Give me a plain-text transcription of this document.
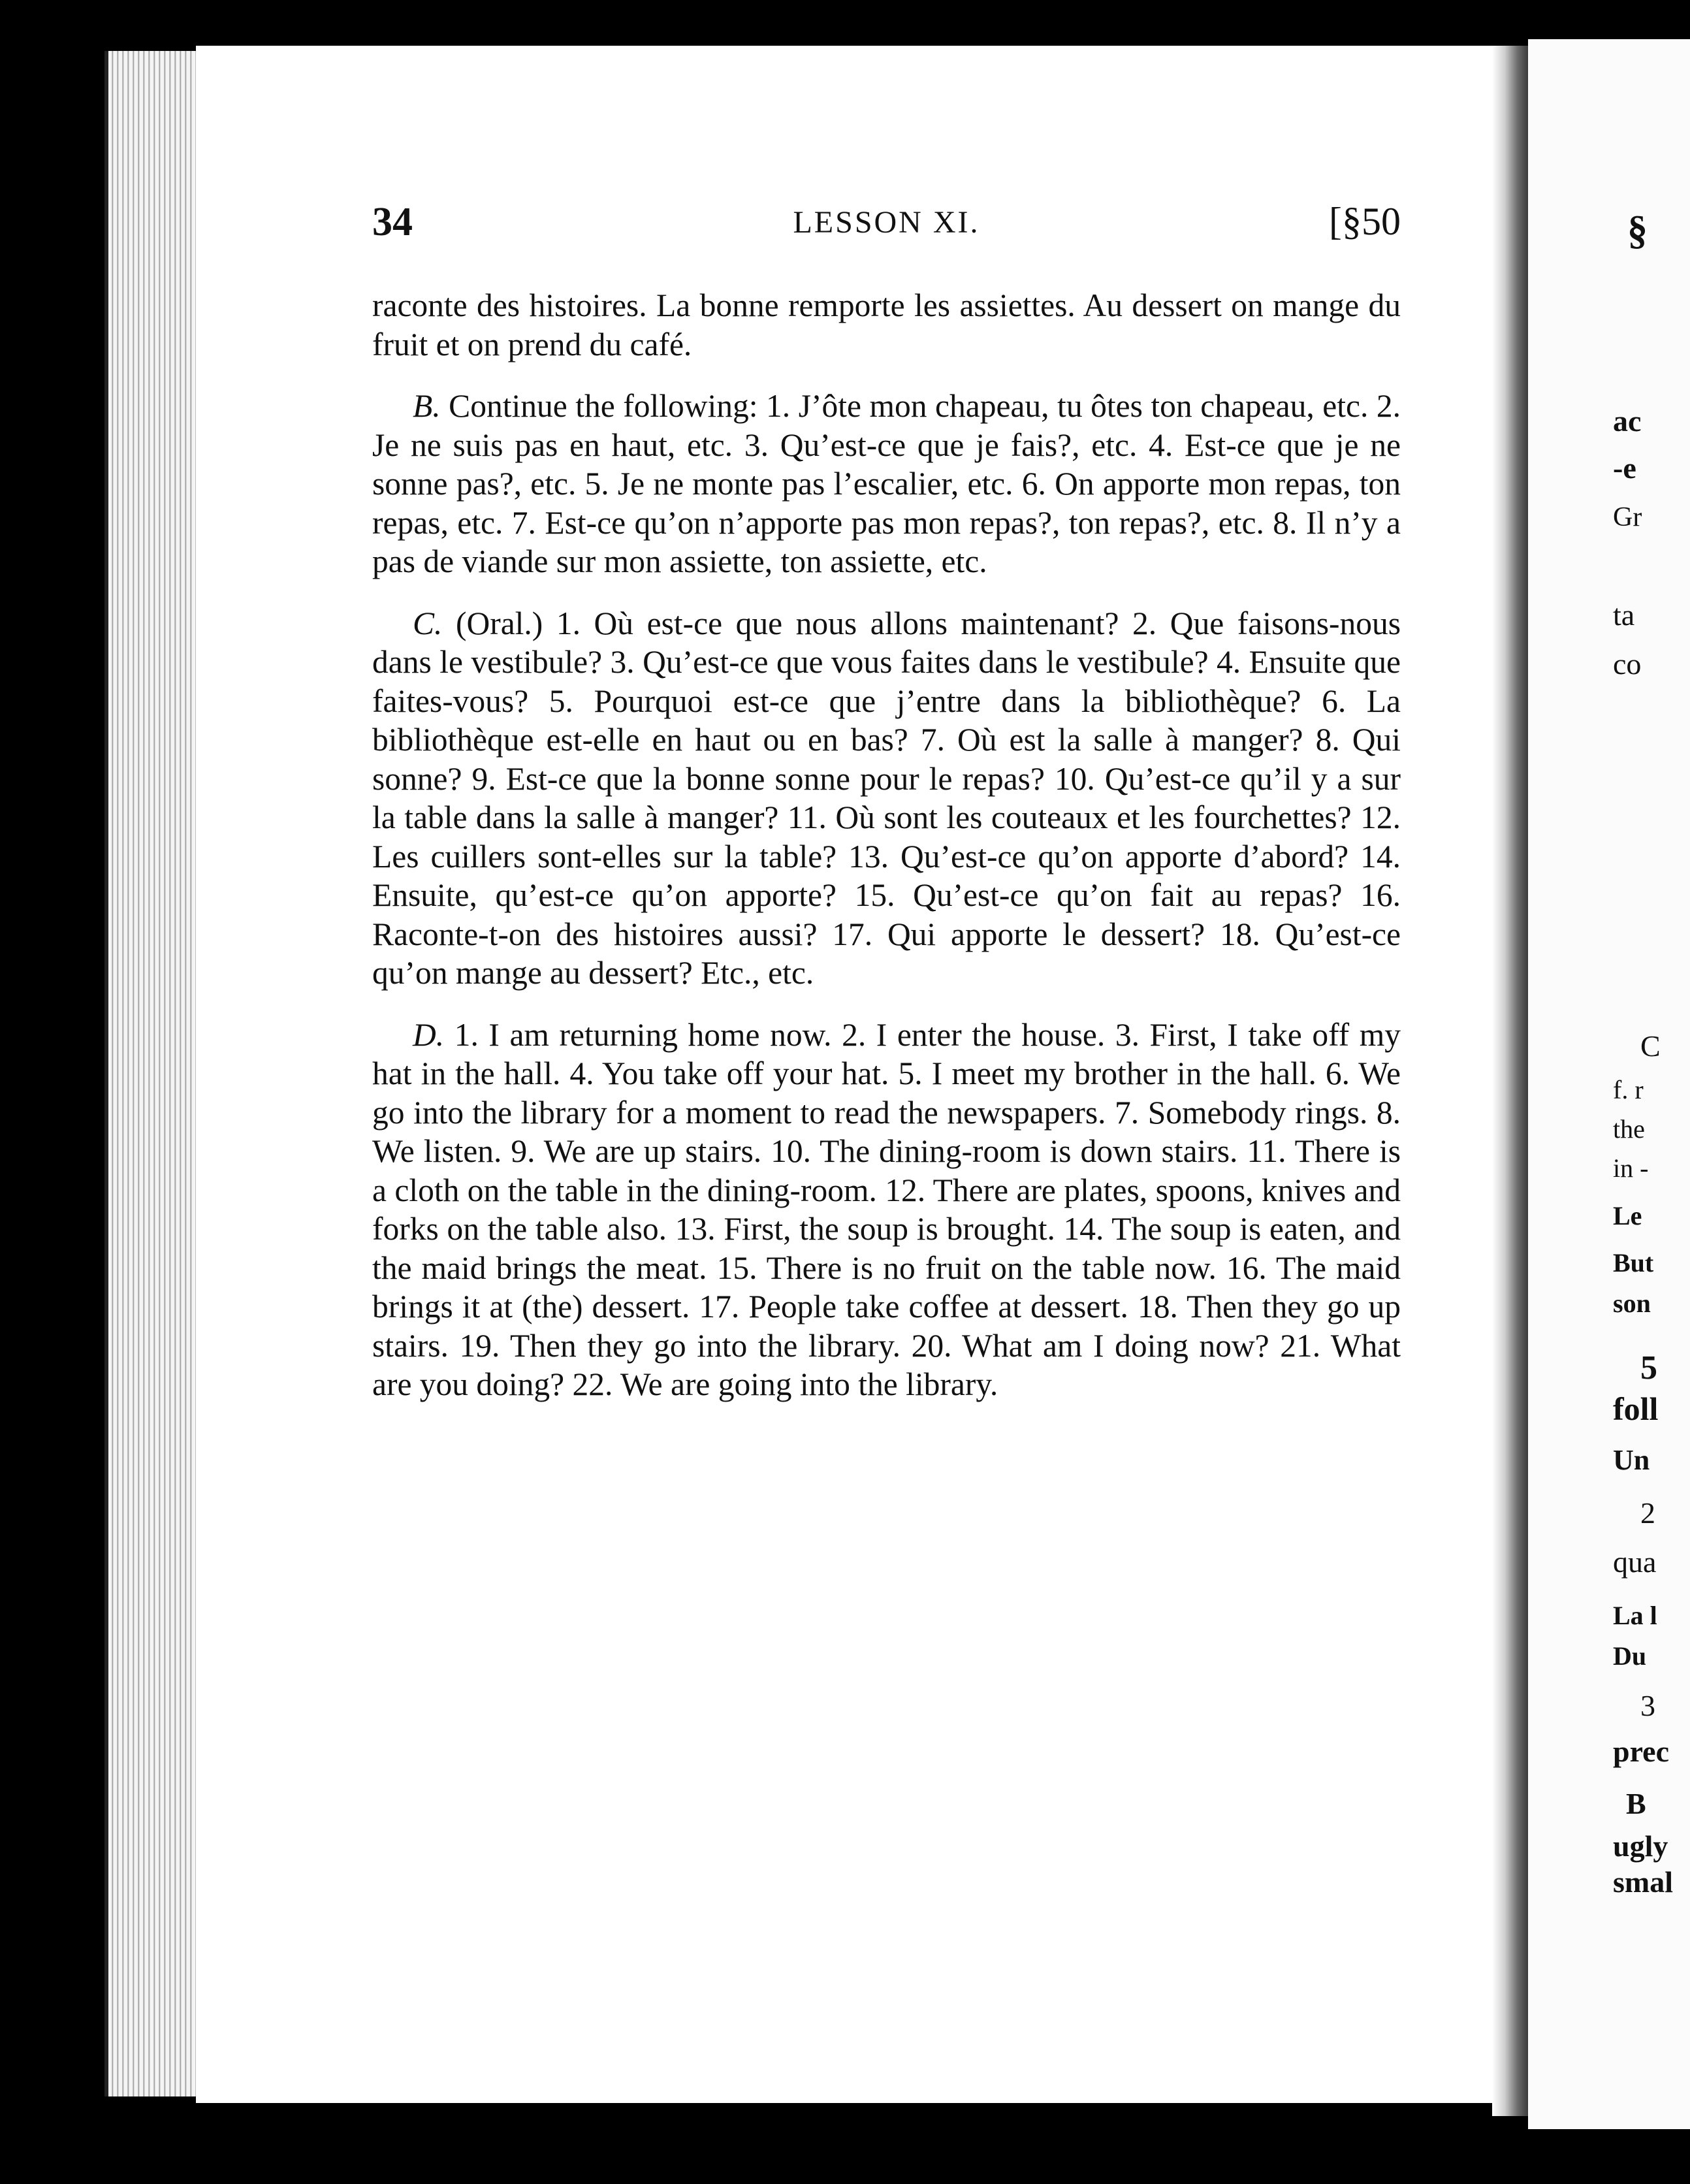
§
ac
-e
Gr
ta
co
C
f. r
the
in -
Le
But
son
5
foll
Un
2
qua
La l
Du
3
prec
B
ugly
smal
34	LESSON XI.	[§50

raconte des histoires. La bonne remporte les assiettes. Au dessert on mange du fruit et on prend du café.

B. Continue the following: 1. J’ôte mon chapeau, tu ôtes ton chapeau, etc. 2. Je ne suis pas en haut, etc. 3. Qu’est-ce que je fais?, etc. 4. Est-ce que je ne sonne pas?, etc. 5. Je ne monte pas l’escalier, etc. 6. On apporte mon repas, ton repas, etc. 7. Est-ce qu’on n’apporte pas mon repas?, ton repas?, etc. 8. Il n’y a pas de viande sur mon assiette, ton assiette, etc.

C. (Oral.) 1. Où est-ce que nous allons maintenant? 2. Que faisons-nous dans le vestibule? 3. Qu’est-ce que vous faites dans le vestibule? 4. Ensuite que faites-vous? 5. Pourquoi est-ce que j’entre dans la bibliothèque? 6. La bibliothèque est-elle en haut ou en bas? 7. Où est la salle à manger? 8. Qui sonne? 9. Est-ce que la bonne sonne pour le repas? 10. Qu’est-ce qu’il y a sur la table dans la salle à manger? 11. Où sont les couteaux et les fourchettes? 12. Les cuillers sont-elles sur la table? 13. Qu’est-ce qu’on apporte d’abord? 14. Ensuite, qu’est-ce qu’on apporte? 15. Qu’est-ce qu’on fait au repas? 16. Raconte-t-on des histoires aussi? 17. Qui apporte le dessert? 18. Qu’est-ce qu’on mange au dessert? Etc., etc.

D. 1. I am returning home now. 2. I enter the house. 3. First, I take off my hat in the hall. 4. You take off your hat. 5. I meet my brother in the hall. 6. We go into the library for a moment to read the newspapers. 7. Somebody rings. 8. We listen. 9. We are up stairs. 10. The dining-room is down stairs. 11. There is a cloth on the table in the dining-room. 12. There are plates, spoons, knives and forks on the table also. 13. First, the soup is brought. 14. The soup is eaten, and the maid brings the meat. 15. There is no fruit on the table now. 16. The maid brings it at (the) dessert. 17. People take coffee at dessert. 18. Then they go up stairs. 19. Then they go into the library. 20. What am I doing now? 21. What are you doing? 22. We are going into the library.
